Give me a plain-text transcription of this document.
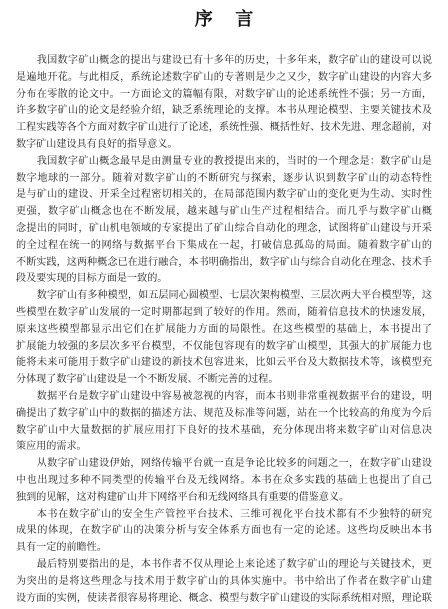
序 言
我国数字矿山概念的提出与建设已有十多年的历史，十多年来，数字矿山的建设可以说
是遍地开花。与此相反，系统论述数字矿山的专著则是少之又少，数字矿山建设的内容大多
分布在零散的论文中。一方面论文的篇幅有限，对数字矿山的论述系统性不强；另一方面，
许多数字矿山的论文是经验介绍，缺乏系统理论的支撑。本书从理论模型、主要关键技术及
工程实践等各个方面对数字矿山进行了论述，系统性强、概括性好、技术先进、理念超前，对
数字矿山建设具有良好的指导意义。
我国数字矿山概念最早是由测量专业的教授提出来的，当时的一个理念是：数字矿山是
数字地球的一部分。随着对数字矿山的不断研究与探索，逐步认识到数字矿山的动态特性
是与矿山的建设、开采全过程密切相关的，在局部范围内数字矿山的变化更为生动、实时性
更强，数字矿山概念也在不断发展，越来越与矿山生产过程相结合。而几乎与数字矿山概
念提出的同时，矿山机电领域的专家提出了矿山综合自动化的理念，试图将矿山建设与开采
的全过程在统一的网络与数据平台下集成在一起，打破信息孤岛的局面。随着数字矿山的
不断实践，这两种概念已在进行融合，本书明确指出，数字矿山与综合自动化在理念、技术手
段及要实现的目标方面是一致的。
数字矿山有多种模型，如五层同心圆模型、七层次架构模型、三层次两大平台模型等，这
些模型在数字矿山发展的一定时期都起到了较好的作用。然而，随着信息技术的快速发展，
原来这些模型都显示出它们在扩展能力方面的局限性。在这些模型的基础上，本书提出了
扩展能力较强的多层次多平台模型，不仅能包容现有的数字矿山模型，其强大的扩展能力也
能将未来可能用于数字矿山建设的新技术包容进来，比如云平台及大数据技术等，该模型充
分体现了数字矿山建设是一个不断发展、不断完善的过程。
数据平台是数字矿山建设中容易被忽视的内容，而本书则非常重视数据平台的建设，明
确提出了数字矿山中的数据的描述方法、规范及标准等问题，站在一个比较高的角度为今后
数字矿山中大量数据的扩展应用打下良好的技术基础，充分体现出将来数字矿山对信息决
策应用的需求。
从数字矿山建设伊始，网络传输平台就一直是争论比较多的问题之一，在数字矿山建设
中也出现过多种不同类型的传输平台及无线网络。本书在众多实践的基础上也提出了自己
独到的见解，这对构建矿山井下网络平台和无线网络具有重要的借鉴意义。
本书在数字矿山的安全生产管控平台技术、三维可视化平台技术都有不少独特的研究
成果的体现，在数字矿山的决策分析与安全体系方面也有一定的论述。这些均反映出本书
具有一定的前瞻性。
最后特别要指出的是，本书作者不仅从理论上来论述了数字矿山的理论与关键技术，更
为突出的是将这些理念与技术用于数字矿山的具体实施中。书中给出了作者在数字矿山建
设方面的实例，使读者很容易将理论、概念、模型与数字矿山建设的实际系统相对照，理论联
